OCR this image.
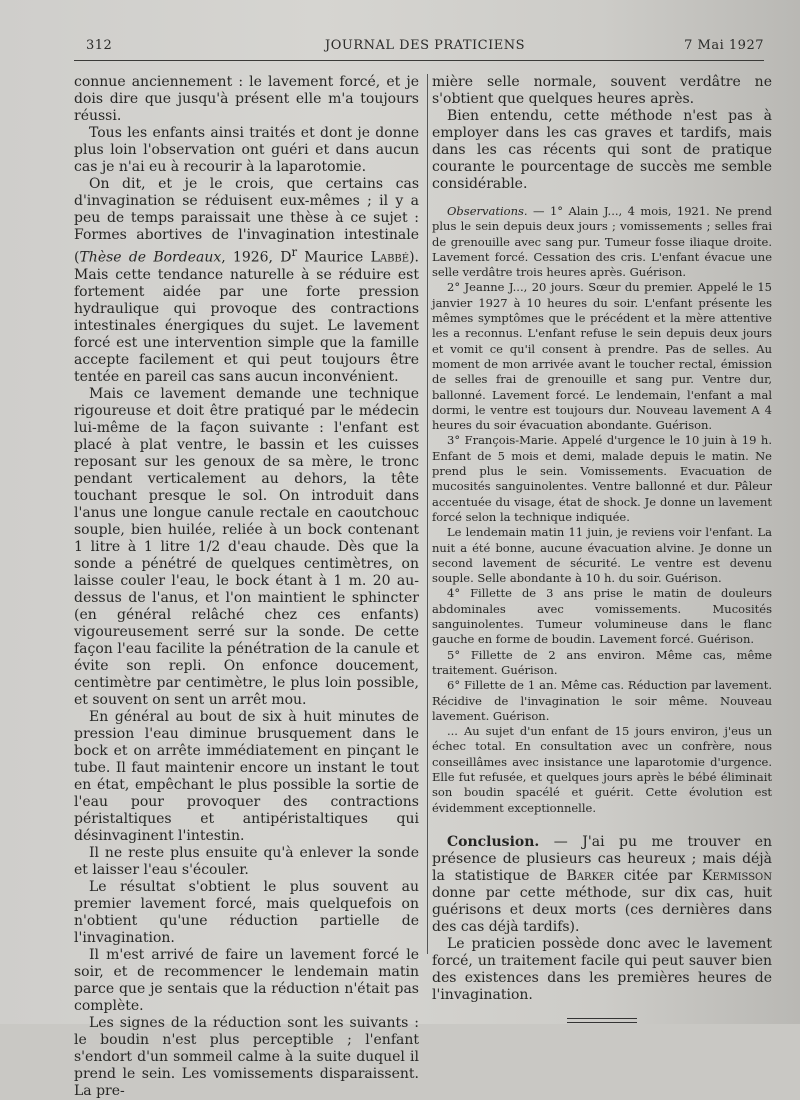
312	JOURNAL DES PRATICIENS	7 Mai 1927

connue anciennement : le lavement forcé, et je dois dire que jusqu'à présent elle m'a toujours réussi.

Tous les enfants ainsi traités et dont je donne plus loin l'observation ont guéri et dans aucun cas je n'ai eu à recourir à la laparotomie.

On dit, et je le crois, que certains cas d'invagination se réduisent eux-mêmes ; il y a peu de temps paraissait une thèse à ce sujet : Formes abortives de l'invagination intestinale (Thèse de Bordeaux, 1926, $D^r$ Maurice Labbé). Mais cette tendance naturelle à se réduire est fortement aidée par une forte pression hydraulique qui provoque des contractions intestinales énergiques du sujet. Le lavement forcé est une intervention simple que la famille accepte facilement et qui peut toujours être tentée en pareil cas sans aucun inconvénient.

Mais ce lavement demande une technique rigoureuse et doit être pratiqué par le médecin lui-même de la façon suivante : l'enfant est placé à plat ventre, le bassin et les cuisses reposant sur les genoux de sa mère, le tronc pendant verticalement au dehors, la tête touchant presque le sol. On introduit dans l'anus une longue canule rectale en caoutchouc souple, bien huilée, reliée à un bock contenant 1 litre à 1 litre 1/2 d'eau chaude. Dès que la sonde a pénétré de quelques centimètres, on laisse couler l'eau, le bock étant à 1 m. 20 au-dessus de l'anus, et l'on maintient le sphincter (en général relâché chez ces enfants) vigoureusement serré sur la sonde. De cette façon l'eau facilite la pénétration de la canule et évite son repli. On enfonce doucement, centimètre par centimètre, le plus loin possible, et souvent on sent un arrêt mou.

En général au bout de six à huit minutes de pression l'eau diminue brusquement dans le bock et on arrête immédiatement en pinçant le tube. Il faut maintenir encore un instant le tout en état, empêchant le plus possible la sortie de l'eau pour provoquer des contractions péristaltiques et antipéristaltiques qui désinvaginent l'intestin.

Il ne reste plus ensuite qu'à enlever la sonde et laisser l'eau s'écouler.

Le résultat s'obtient le plus souvent au premier lavement forcé, mais quelquefois on n'obtient qu'une réduction partielle de l'invagination.

Il m'est arrivé de faire un lavement forcé le soir, et de recommencer le lendemain matin parce que je sentais que la réduction n'était pas complète.

Les signes de la réduction sont les suivants : le boudin n'est plus perceptible ; l'enfant s'endort d'un sommeil calme à la suite duquel il prend le sein. Les vomissements disparaissent. La pre-

mière selle normale, souvent verdâtre ne s'obtient que quelques heures après.

Bien entendu, cette méthode n'est pas à employer dans les cas graves et tardifs, mais dans les cas récents qui sont de pratique courante le pourcentage de succès me semble considérable.

Observations. — 1° Alain J..., 4 mois, 1921. Ne prend plus le sein depuis deux jours ; vomissements ; selles frai de grenouille avec sang pur. Tumeur fosse iliaque droite. Lavement forcé. Cessation des cris. L'enfant évacue une selle verdâtre trois heures après. Guérison.

2° Jeanne J..., 20 jours. Sœur du premier. Appelé le 15 janvier 1927 à 10 heures du soir. L'enfant présente les mêmes symptômes que le précédent et la mère attentive les a reconnus. L'enfant refuse le sein depuis deux jours et vomit ce qu'il consent à prendre. Pas de selles. Au moment de mon arrivée avant le toucher rectal, émission de selles frai de grenouille et sang pur. Ventre dur, ballonné. Lavement forcé. Le lendemain, l'enfant a mal dormi, le ventre est toujours dur. Nouveau lavement A 4 heures du soir évacuation abondante. Guérison.

3° François-Marie. Appelé d'urgence le 10 juin à 19 h. Enfant de 5 mois et demi, malade depuis le matin. Ne prend plus le sein. Vomissements. Evacuation de mucosités sanguinolentes. Ventre ballonné et dur. Pâleur accentuée du visage, état de shock. Je donne un lavement forcé selon la technique indiquée.

Le lendemain matin 11 juin, je reviens voir l'enfant. La nuit a été bonne, aucune évacuation alvine. Je donne un second lavement de sécurité. Le ventre est devenu souple. Selle abondante à 10 h. du soir. Guérison.

4° Fillette de 3 ans prise le matin de douleurs abdominales avec vomissements. Mucosités sanguinolentes. Tumeur volumineuse dans le flanc gauche en forme de boudin. Lavement forcé. Guérison.

5° Fillette de 2 ans environ. Même cas, même traitement. Guérison.

6° Fillette de 1 an. Même cas. Réduction par lavement. Récidive de l'invagination le soir même. Nouveau lavement. Guérison.

... Au sujet d'un enfant de 15 jours environ, j'eus un échec total. En consultation avec un confrère, nous conseillâmes avec insistance une laparotomie d'urgence. Elle fut refusée, et quelques jours après le bébé éliminait son boudin spacélé et guérit. Cette évolution est évidemment exceptionnelle.

Conclusion. — J'ai pu me trouver en présence de plusieurs cas heureux ; mais déjà la statistique de Barker citée par Kermisson donne par cette méthode, sur dix cas, huit guérisons et deux morts (ces dernières dans des cas déjà tardifs).

Le praticien possède donc avec le lavement forcé, un traitement facile qui peut sauver bien des existences dans les premières heures de l'invagination.
